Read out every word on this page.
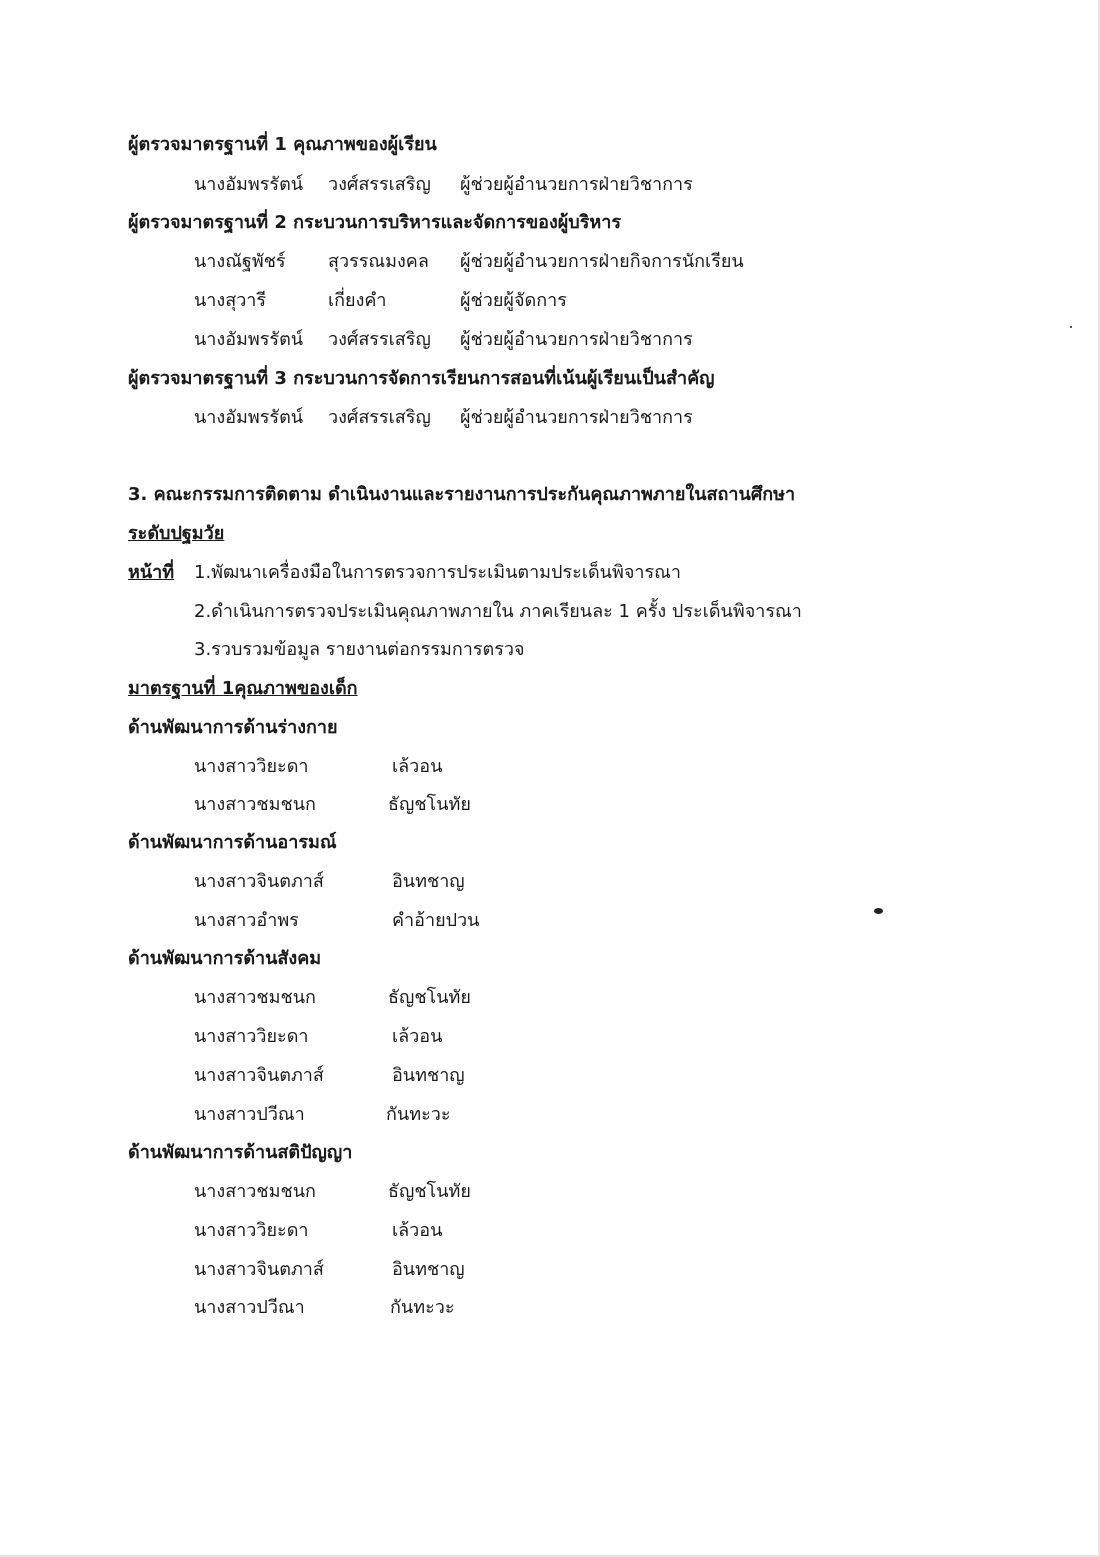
ผู้ตรวจมาตรฐานที่ 1 คุณภาพของผู้เรียน
นางอัมพรรัตน์ วงศ์สรรเสริญ ผู้ช่วยผู้อำนวยการฝ่ายวิชาการ
ผู้ตรวจมาตรฐานที่ 2 กระบวนการบริหารและจัดการของผู้บริหาร
นางณัฐพัชร์ สุวรรณมงคล ผู้ช่วยผู้อำนวยการฝ่ายกิจการนักเรียน
นางสุวารี	เกี่ยงคำ	ผู้ช่วยผู้จัดการ
นางอัมพรรัตน์ วงศ์สรรเสริญ ผู้ช่วยผู้อำนวยการฝ่ายวิชาการ
ผู้ตรวจมาตรฐานที่ 3 กระบวนการจัดการเรียนการสอนที่เน้นผู้เรียนเป็นสำคัญ
นางอัมพรรัตน์ วงศ์สรรเสริญ ผู้ช่วยผู้อำนวยการฝ่ายวิชาการ
3. คณะกรรมการติดตาม ดำเนินงานและรายงานการประกันคุณภาพภายในสถานศึกษา
ระดับปฐมวัย
หน้าที่ 1.พัฒนาเครื่องมือในการตรวจการประเมินตามประเด็นพิจารณา
2.ดำเนินการตรวจประเมินคุณภาพภายใน ภาคเรียนละ 1 ครั้ง ประเด็นพิจารณา
3.รวบรวมข้อมูล รายงานต่อกรรมการตรวจ
มาตรฐานที่ 1คุณภาพของเด็ก
ด้านพัฒนาการด้านร่างกาย
นางสาววิยะดา	เล้วอน
นางสาวชมชนก	ธัญชโนทัย
ด้านพัฒนาการด้านอารมณ์
นางสาวจินตภาส์	อินทชาญ
นางสาวอำพร	คำอ้ายปวน
ด้านพัฒนาการด้านสังคม
นางสาวชมชนก	ธัญชโนทัย
นางสาววิยะดา	เล้วอน
นางสาวจินตภาส์	อินทชาญ
นางสาวปวีณา	กันทะวะ
ด้านพัฒนาการด้านสติปัญญา
นางสาวชมชนก	ธัญชโนทัย
นางสาววิยะดา	เล้วอน
นางสาวจินตภาส์	อินทชาญ
นางสาวปวีณา	กันทะวะ
